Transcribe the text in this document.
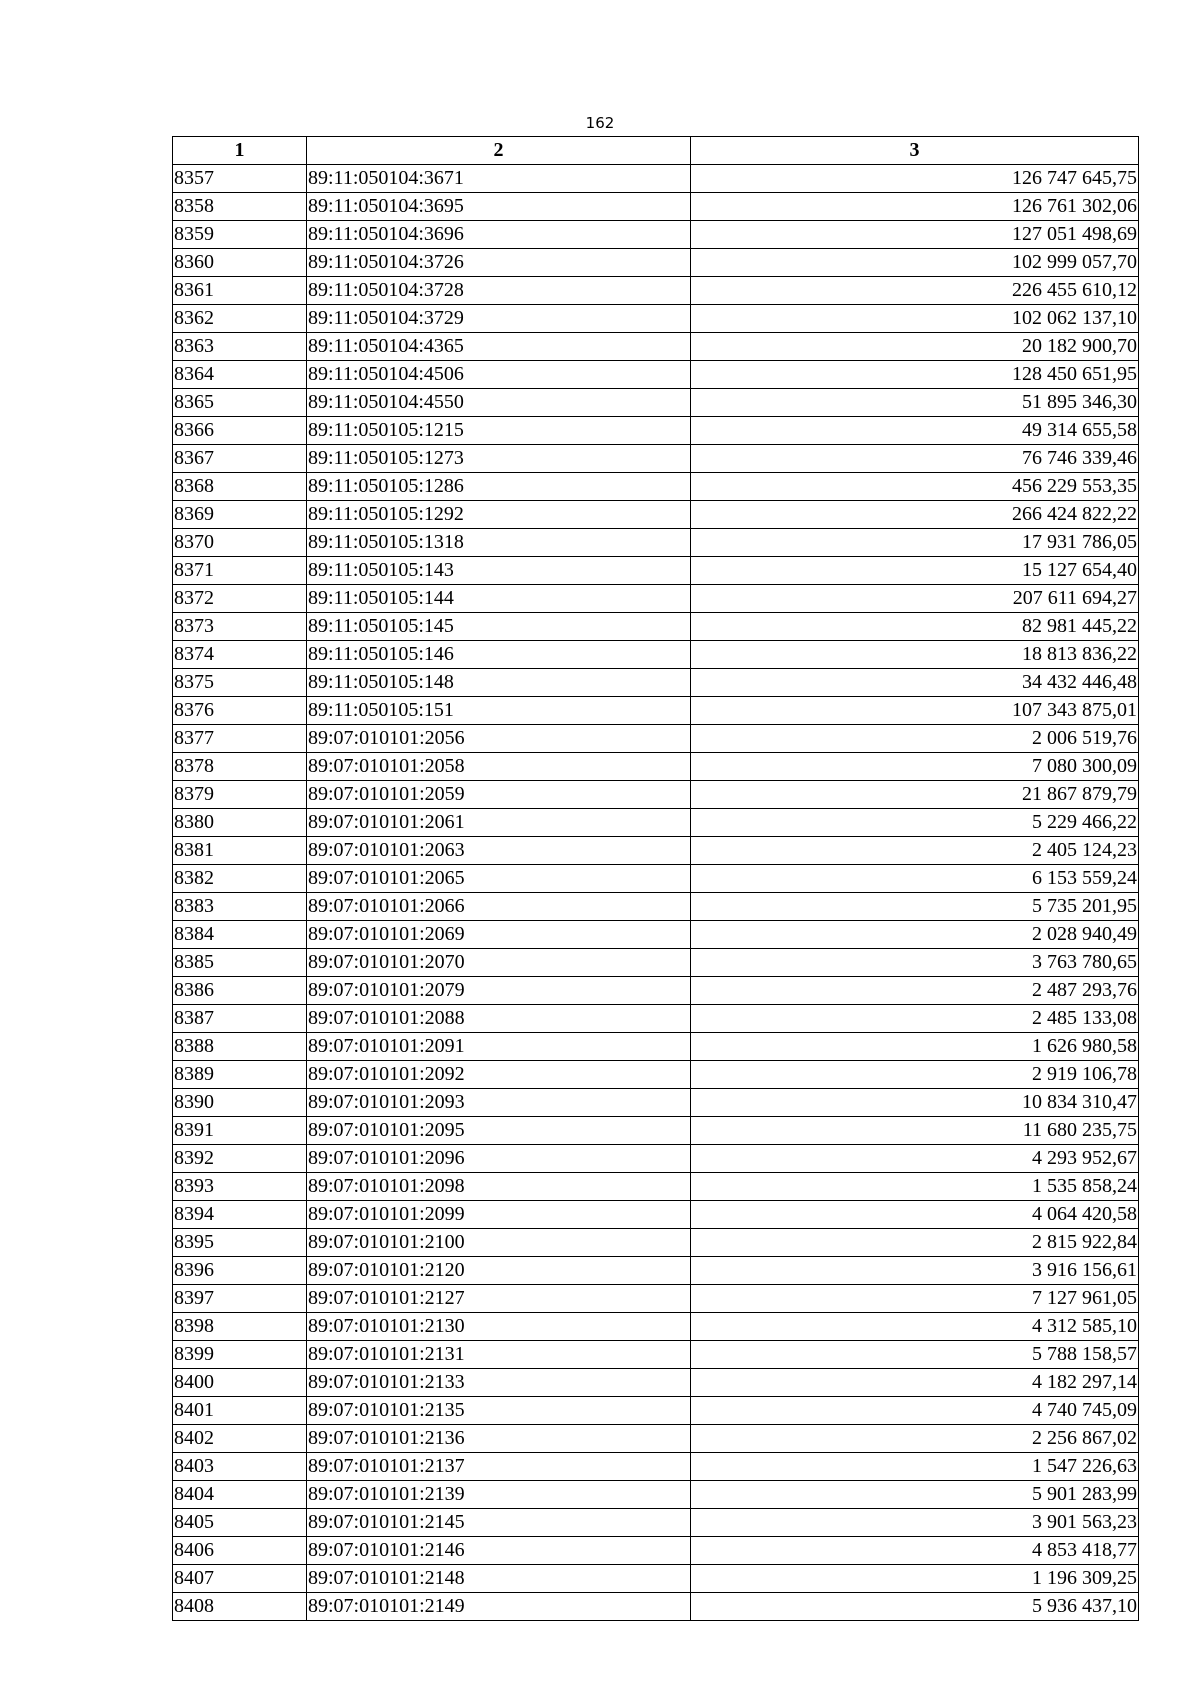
162
1	2	3
8357	89:11:050104:3671	126 747 645,75
8358	89:11:050104:3695	126 761 302,06
8359	89:11:050104:3696	127 051 498,69
8360	89:11:050104:3726	102 999 057,70
8361	89:11:050104:3728	226 455 610,12
8362	89:11:050104:3729	102 062 137,10
8363	89:11:050104:4365	20 182 900,70
8364	89:11:050104:4506	128 450 651,95
8365	89:11:050104:4550	51 895 346,30
8366	89:11:050105:1215	49 314 655,58
8367	89:11:050105:1273	76 746 339,46
8368	89:11:050105:1286	456 229 553,35
8369	89:11:050105:1292	266 424 822,22
8370	89:11:050105:1318	17 931 786,05
8371	89:11:050105:143	15 127 654,40
8372	89:11:050105:144	207 611 694,27
8373	89:11:050105:145	82 981 445,22
8374	89:11:050105:146	18 813 836,22
8375	89:11:050105:148	34 432 446,48
8376	89:11:050105:151	107 343 875,01
8377	89:07:010101:2056	2 006 519,76
8378	89:07:010101:2058	7 080 300,09
8379	89:07:010101:2059	21 867 879,79
8380	89:07:010101:2061	5 229 466,22
8381	89:07:010101:2063	2 405 124,23
8382	89:07:010101:2065	6 153 559,24
8383	89:07:010101:2066	5 735 201,95
8384	89:07:010101:2069	2 028 940,49
8385	89:07:010101:2070	3 763 780,65
8386	89:07:010101:2079	2 487 293,76
8387	89:07:010101:2088	2 485 133,08
8388	89:07:010101:2091	1 626 980,58
8389	89:07:010101:2092	2 919 106,78
8390	89:07:010101:2093	10 834 310,47
8391	89:07:010101:2095	11 680 235,75
8392	89:07:010101:2096	4 293 952,67
8393	89:07:010101:2098	1 535 858,24
8394	89:07:010101:2099	4 064 420,58
8395	89:07:010101:2100	2 815 922,84
8396	89:07:010101:2120	3 916 156,61
8397	89:07:010101:2127	7 127 961,05
8398	89:07:010101:2130	4 312 585,10
8399	89:07:010101:2131	5 788 158,57
8400	89:07:010101:2133	4 182 297,14
8401	89:07:010101:2135	4 740 745,09
8402	89:07:010101:2136	2 256 867,02
8403	89:07:010101:2137	1 547 226,63
8404	89:07:010101:2139	5 901 283,99
8405	89:07:010101:2145	3 901 563,23
8406	89:07:010101:2146	4 853 418,77
8407	89:07:010101:2148	1 196 309,25
8408	89:07:010101:2149	5 936 437,10
